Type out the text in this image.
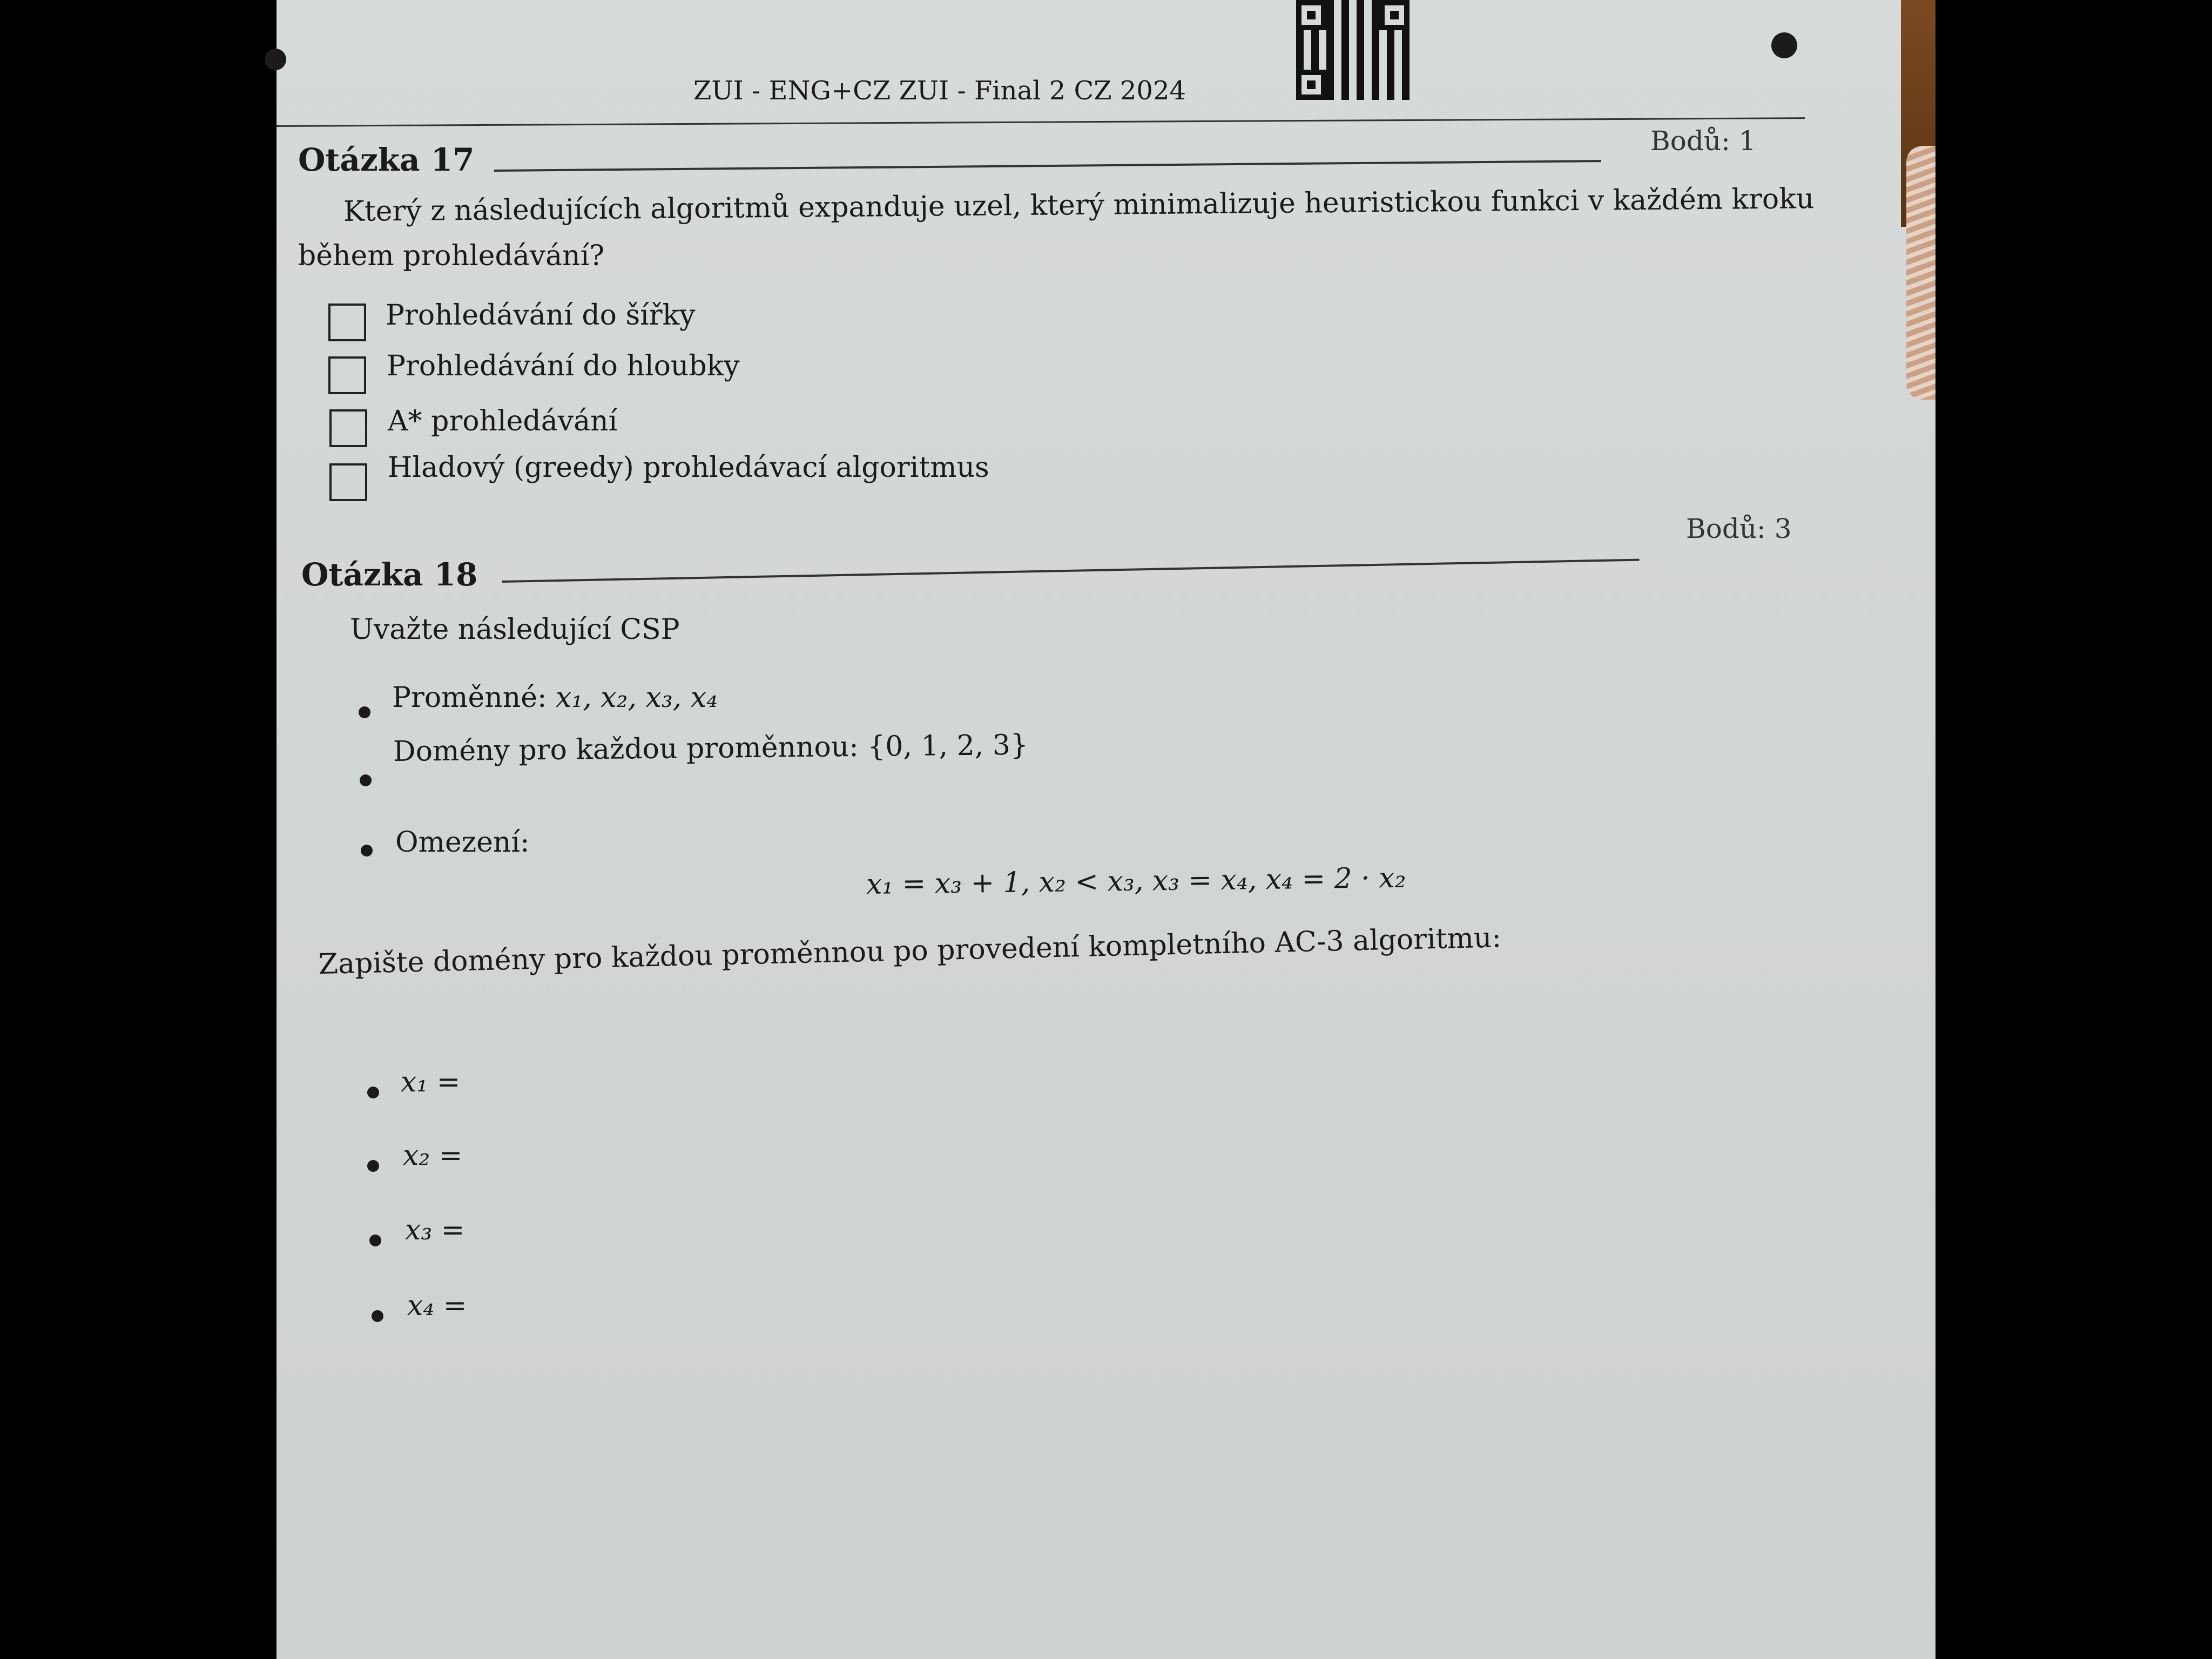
ZUI - ENG+CZ ZUI - Final 2 CZ 2024
Otázka 17
Bodů: 1
Který z následujících algoritmů expanduje uzel, který minimalizuje heuristickou funkci v každém kroku
během prohledávání?
Prohledávání do šířky
Prohledávání do hloubky
A* prohledávání
Hladový (greedy) prohledávací algoritmus
Bodů: 3
Otázka 18
Uvažte následující CSP
Proměnné: x₁, x₂, x₃, x₄
Domény pro každou proměnnou: {0, 1, 2, 3}
Omezení:
x₁ = x₃ + 1, x₂ < x₃, x₃ = x₄, x₄ = 2 · x₂
Zapište domény pro každou proměnnou po provedení kompletního AC-3 algoritmu:
x₁ =
x₂ =
x₃ =
x₄ =
